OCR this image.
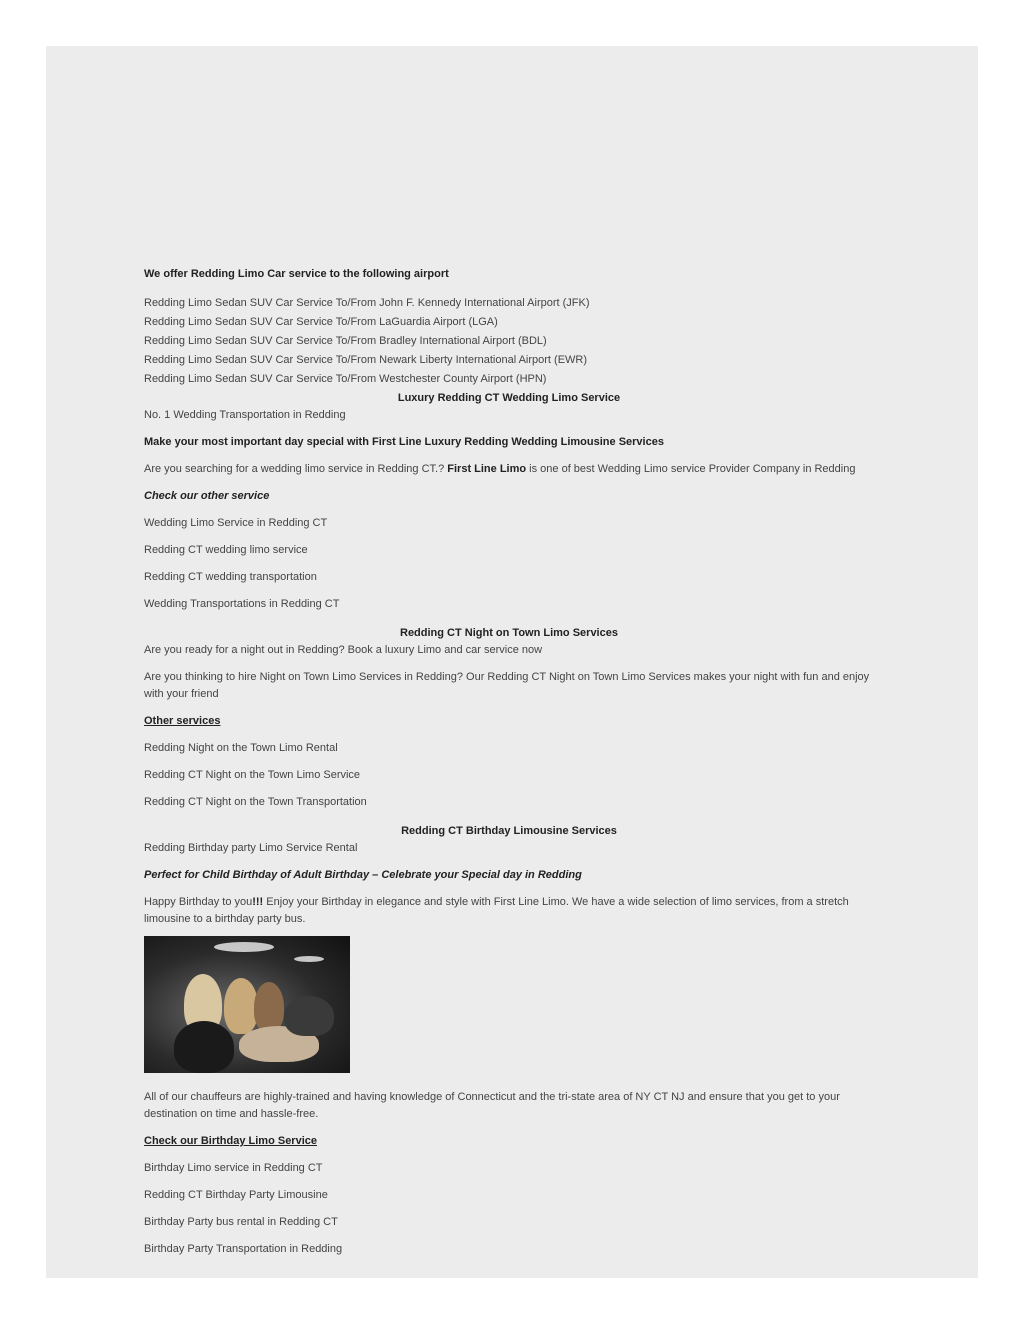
We offer Redding Limo Car service to the following airport

Redding Limo Sedan SUV Car Service To/From John F. Kennedy International Airport (JFK)

Redding Limo Sedan SUV Car Service To/From LaGuardia Airport (LGA)

Redding Limo Sedan SUV Car Service To/From Bradley International Airport (BDL)

Redding Limo Sedan SUV Car Service To/From Newark Liberty International Airport (EWR)

Redding Limo Sedan SUV Car Service To/From Westchester County Airport (HPN)

Luxury Redding CT Wedding Limo Service

No. 1 Wedding Transportation in Redding

Make your most important day special with First Line Luxury Redding Wedding Limousine Services

Are you searching for a wedding limo service in Redding CT.? First Line Limo is one of best Wedding Limo service Provider Company in Redding

Check our other service

Wedding Limo Service in Redding CT

Redding CT wedding limo service

Redding CT wedding transportation

Wedding Transportations in Redding CT

Redding CT Night on Town Limo Services

Are you ready for a night out in Redding? Book a luxury Limo and car service now

Are you thinking to hire Night on Town Limo Services in Redding? Our Redding CT Night on Town Limo Services makes your night with fun and enjoy with your friend

Other services

Redding Night on the Town Limo Rental

Redding CT Night on the Town Limo Service

Redding CT Night on the Town Transportation

Redding CT Birthday Limousine Services

Redding Birthday party Limo Service Rental

Perfect for Child Birthday of Adult Birthday – Celebrate your Special day in Redding

Happy Birthday to you!!! Enjoy your Birthday in elegance and style with First Line Limo. We have a wide selection of limo services, from a stretch limousine to a birthday party bus.

All of our chauffeurs are highly-trained and having knowledge of Connecticut and the tri-state area of NY CT NJ and ensure that you get to your destination on time and hassle-free.

Check our Birthday Limo Service

Birthday Limo service in Redding CT

Redding CT Birthday Party Limousine

Birthday Party bus rental in Redding CT

Birthday Party Transportation in Redding
